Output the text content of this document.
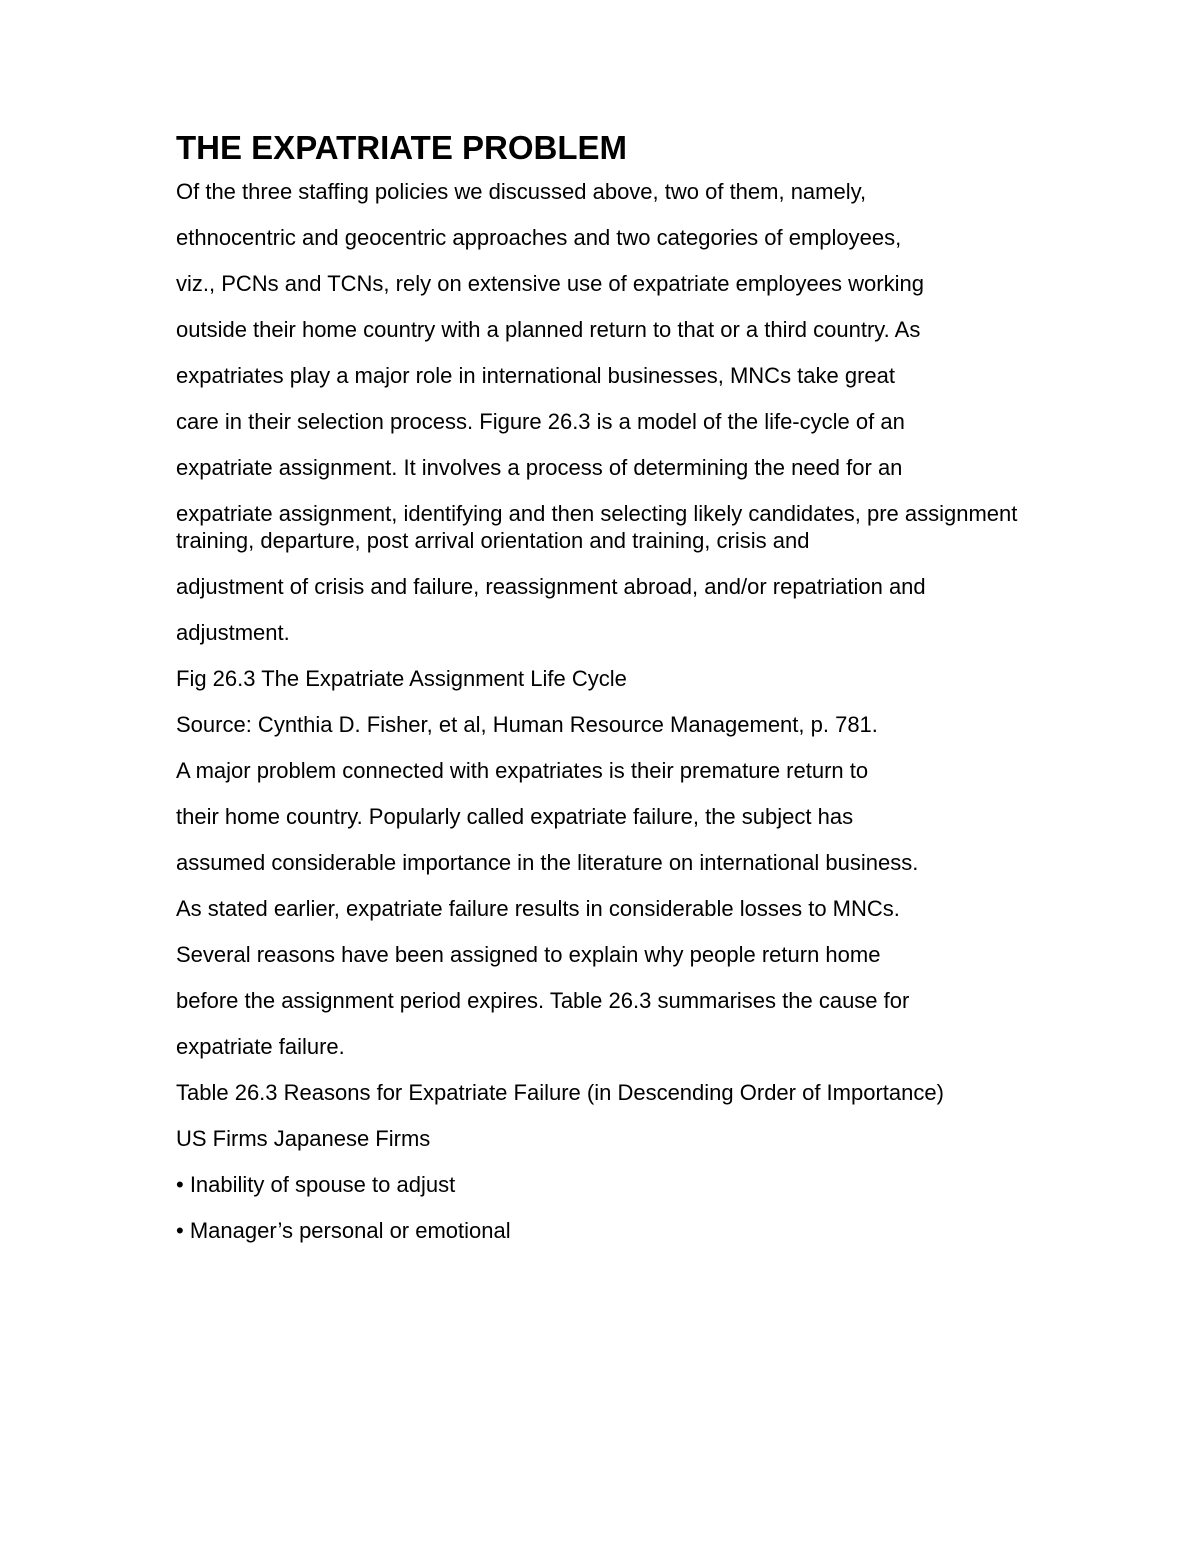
THE EXPATRIATE PROBLEM
Of the three staffing policies we discussed above, two of them, namely,
ethnocentric and geocentric approaches and two categories of employees,
viz., PCNs and TCNs, rely on extensive use of expatriate employees working
outside their home country with a planned return to that or a third country. As
expatriates play a major role in international businesses, MNCs take great
care in their selection process. Figure 26.3 is a model of the life-cycle of an
expatriate assignment. It involves a process of determining the need for an
expatriate assignment, identifying and then selecting likely candidates, pre assignment training, departure, post arrival orientation and training, crisis and
adjustment of crisis and failure, reassignment abroad, and/or repatriation and
adjustment.
Fig 26.3 The Expatriate Assignment Life Cycle
Source: Cynthia D. Fisher, et al, Human Resource Management, p. 781.
A major problem connected with expatriates is their premature return to
their home country. Popularly called expatriate failure, the subject has
assumed considerable importance in the literature on international business.
As stated earlier, expatriate failure results in considerable losses to MNCs.
Several reasons have been assigned to explain why people return home
before the assignment period expires. Table 26.3 summarises the cause for
expatriate failure.
Table 26.3 Reasons for Expatriate Failure (in Descending Order of Importance)
US Firms Japanese Firms
• Inability of spouse to adjust
• Manager’s personal or emotional
